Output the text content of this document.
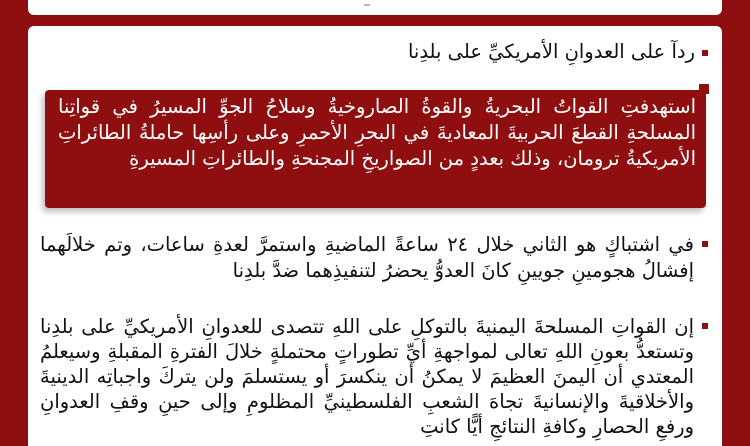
ردآ على العدوانِ الأمريكيِّ على بلدِنا
استهدفتِ القواتُ البحريةُ والقوةُ الصاروخيةُ وسلاحُ الجوِّ المسيرُ في قواتِنا المسلحةِ القطعَ الحربيةَ المعاديةَ في البحرِ الأحمرِ وعلى رأسِها حاملةُ الطائراتِ الأمريكيةُ ترومان، وذلك بعددٍ من الصواريخِ المجنحةِ والطائراتِ المسيرةِ
في اشتباكٍ هو الثاني خلال ٢٤ ساعةً الماضيةِ واستمرَّ لعدةِ ساعات، وتم خلالَهما إفشالُ هجومينِ جويينِ كانَ العدوُّ يحضرُ لتنفيذِهما ضدَّ بلدِنا
إن القواتِ المسلحةَ اليمنيةَ بالتوكلِ على اللهِ تتصدى للعدوانِ الأمريكيِّ على بلدِنا وتستعدُّ بعونِ اللهِ تعالى لمواجهةِ أيِّ تطوراتٍ محتملةٍ خلالَ الفترةِ المقبلةِ وسيعلمُ المعتدي أن اليمنَ العظيمَ لا يمكنُ أن ينكسرَ أو يستسلمَ ولن يتركَ واجباتِه الدينيةَ والأخلاقيةَ والإنسانيةَ تجاهَ الشعبِ الفلسطينيِّ المظلومِ وإلى حينِ وقفِ العدوانِ ورفعِ الحصارِ وكافةِ النتائجِ أيًّا كانتِ
